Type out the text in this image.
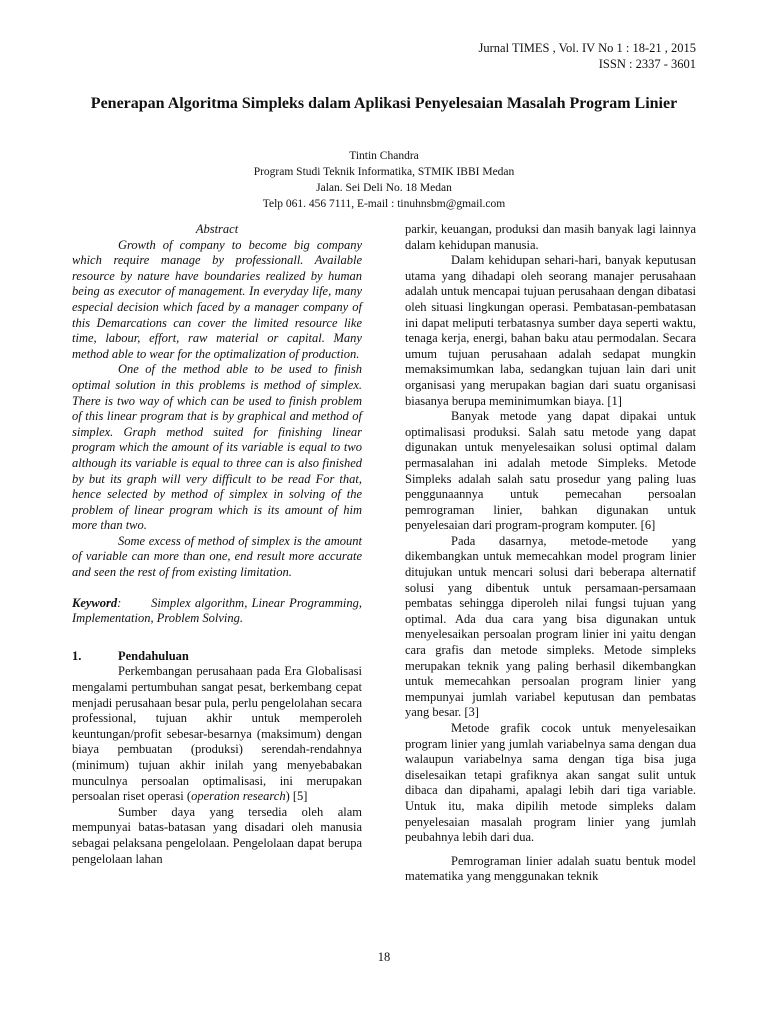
Jurnal TIMES , Vol. IV No 1 : 18-21 , 2015
ISSN : 2337 - 3601
Penerapan Algoritma Simpleks dalam Aplikasi Penyelesaian Masalah Program Linier
Tintin Chandra
Program Studi Teknik Informatika, STMIK IBBI Medan
Jalan. Sei Deli No. 18 Medan
Telp 061. 456 7111, E-mail : tinuhnsbm@gmail.com

Abstract

Growth of company to become big company which require manage by professionall. Available resource by nature have boundaries realized by human being as executor of management. In everyday life, many especial decision which faced by a manager company of this Demarcations can cover the limited resource like time, labour, effort, raw material or capital. Many method able to wear for the optimalization of production.

One of the method able to be used to finish optimal solution in this problems is method of simplex. There is two way of which can be used to finish problem of this linear program that is by graphical and method of simplex. Graph method suited for finishing linear program which the amount of its variable is equal to two although its variable is equal to three can is also finished by but its graph will very difficult to be read For that, hence selected by method of simplex in solving of the problem of linear program which is its amount of him more than two.

Some excess of method of simplex is the amount of variable can more than one, end result more accurate and seen the rest of from existing limitation.

Keyword:       Simplex algorithm, Linear Programming, Implementation, Problem Solving.

1.	Pendahuluan

Perkembangan perusahaan pada Era Globalisasi mengalami pertumbuhan sangat pesat, berkembang cepat menjadi perusahaan besar pula, perlu pengelolahan secara professional, tujuan akhir untuk memperoleh keuntungan/profit sebesar-besarnya (maksimum) dengan biaya pembuatan (produksi) serendah-rendahnya (minimum) tujuan akhir inilah yang menyebabakan munculnya persoalan optimalisasi, ini merupakan persoalan riset operasi (operation research) [5]

Sumber daya yang tersedia oleh alam mempunyai batas-batasan yang disadari oleh manusia sebagai pelaksana pengelolaan. Pengelolaan dapat berupa pengelolaan lahan

parkir, keuangan, produksi dan masih banyak lagi lainnya dalam kehidupan manusia.

Dalam kehidupan sehari-hari, banyak keputusan utama yang dihadapi oleh seorang manajer perusahaan adalah untuk mencapai tujuan perusahaan dengan dibatasi oleh situasi lingkungan operasi. Pembatasan-pembatasan ini dapat meliputi terbatasnya sumber daya seperti waktu, tenaga kerja, energi, bahan baku atau permodalan. Secara umum tujuan perusahaan adalah sedapat mungkin memaksimumkan laba, sedangkan tujuan lain dari unit organisasi yang merupakan bagian dari suatu organisasi biasanya berupa meminimumkan biaya. [1]

Banyak metode yang dapat dipakai untuk optimalisasi produksi. Salah satu metode yang dapat digunakan untuk menyelesaikan solusi optimal dalam permasalahan ini adalah metode Simpleks. Metode Simpleks adalah salah satu prosedur yang paling luas penggunaannya untuk pemecahan persoalan pemrograman linier, bahkan digunakan untuk penyelesaian dari program-program komputer. [6]

Pada dasarnya, metode-metode yang dikembangkan untuk memecahkan model program linier ditujukan untuk mencari solusi dari beberapa alternatif solusi yang dibentuk untuk persamaan-persamaan pembatas sehingga diperoleh nilai fungsi tujuan yang optimal. Ada dua cara yang bisa digunakan untuk menyelesaikan persoalan program linier ini yaitu dengan cara grafis dan metode simpleks. Metode simpleks merupakan teknik yang paling berhasil dikembangkan untuk memecahkan persoalan program linier yang mempunyai jumlah variabel keputusan dan pembatas yang besar. [3]

Metode grafik cocok untuk menyelesaikan program linier yang jumlah variabelnya sama dengan dua walaupun variabelnya sama dengan tiga bisa juga diselesaikan tetapi grafiknya akan sangat sulit untuk dibaca dan dipahami, apalagi lebih dari tiga variable. Untuk itu, maka dipilih metode simpleks dalam penyelesaian masalah program linier yang jumlah peubahnya lebih dari dua.

Pemrograman linier adalah suatu bentuk model matematika yang menggunakan teknik

18
